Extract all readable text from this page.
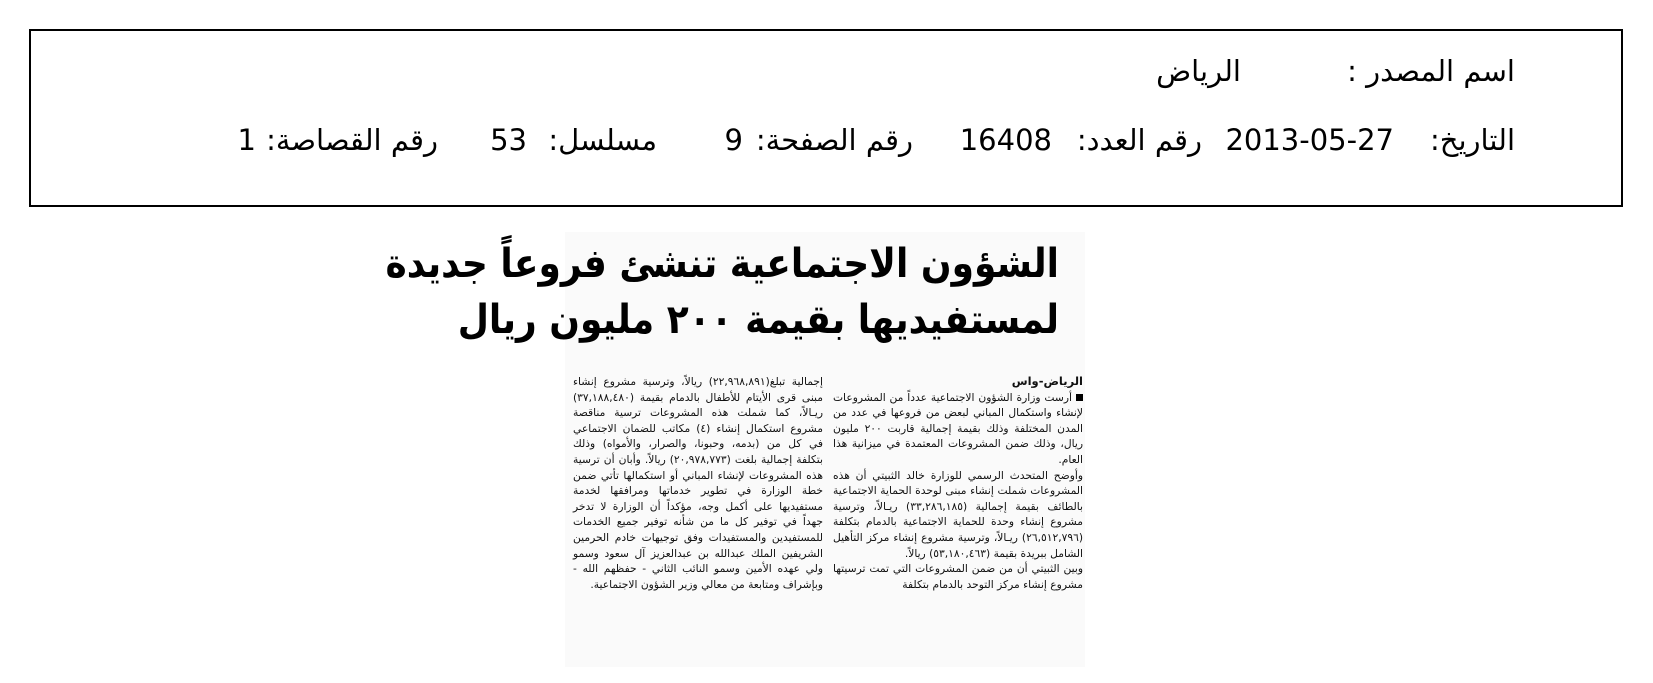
اسم المصدر :
الرياض
التاريخ:
2013-05-27
رقم العدد:
16408
رقم الصفحة:
9
مسلسل:
53
رقم القصاصة:
1
الشؤون الاجتماعية تنشئ فروعاً جديدة
لمستفيديها بقيمة ٢٠٠ مليون ريال
الرياض-واس

أرست وزارة الشؤون الاجتماعية عدداً من المشروعات لإنشاء واستكمال المباني لبعض من فروعها في عدد من المدن المختلفة وذلك بقيمة إجمالية قاربت ٢٠٠ مليون ريال، وذلك ضمن المشروعات المعتمدة في ميزانية هذا العام.

وأوضح المتحدث الرسمي للوزارة خالد الثبيتي أن هذه المشروعات شملت إنشاء مبنى لوحدة الحماية الاجتماعية بالطائف بقيمة إجمالية (٣٣,٢٨٦,١٨٥) ريـالاً، وترسية مشروع إنشاء وحدة للحماية الاجتماعية بالدمام بتكلفة (٢٦,٥١٢,٧٩٦) ريـالاً، وترسية مشروع إنشاء مركز التأهيل الشامل ببريدة بقيمة (٥٣,١٨٠,٤٦٣) ريالاً.

وبين الثبيتي أن من ضمن المشروعات التي تمت ترسيتها مشروع إنشاء مركز التوحد بالدمام بتكلفة

إجمالية تبلغ(٢٢,٩٦٨,٨٩١) ريالاً، وترسية مشروع إنشاء مبنى قرى الأيتام للأطفال بالدمام بقيمة (٣٧,١٨٨,٤٨٠) ريـالاً، كما شملت هذه المشروعات ترسية مناقصة مشروع استكمال إنشاء (٤) مكاتب للضمان الاجتماعي في كل من (بدمه، وحبونا، والصرار، والأمواه) وذلك بتكلفة إجمالية بلغت (٢٠,٩٧٨,٧٧٣) ريالاً. وأبان أن ترسية هذه المشروعات لإنشاء المباني أو استكمالها تأتي ضمن خطة الوزارة في تطوير خدماتها ومرافقها لخدمة مستفيديها على أكمل وجه، مؤكداً أن الوزارة لا تدخر جهداً في توفير كل ما من شأنه توفير جميع الخدمات للمستفيدين والمستفيدات وفق توجيهات خادم الحرمين الشريفين الملك عبدالله بن عبدالعزيز آل سعود وسمو ولي عهده الأمين وسمو النائب الثاني - حفظهم الله - وبإشراف ومتابعة من معالي وزير الشؤون الاجتماعية.
